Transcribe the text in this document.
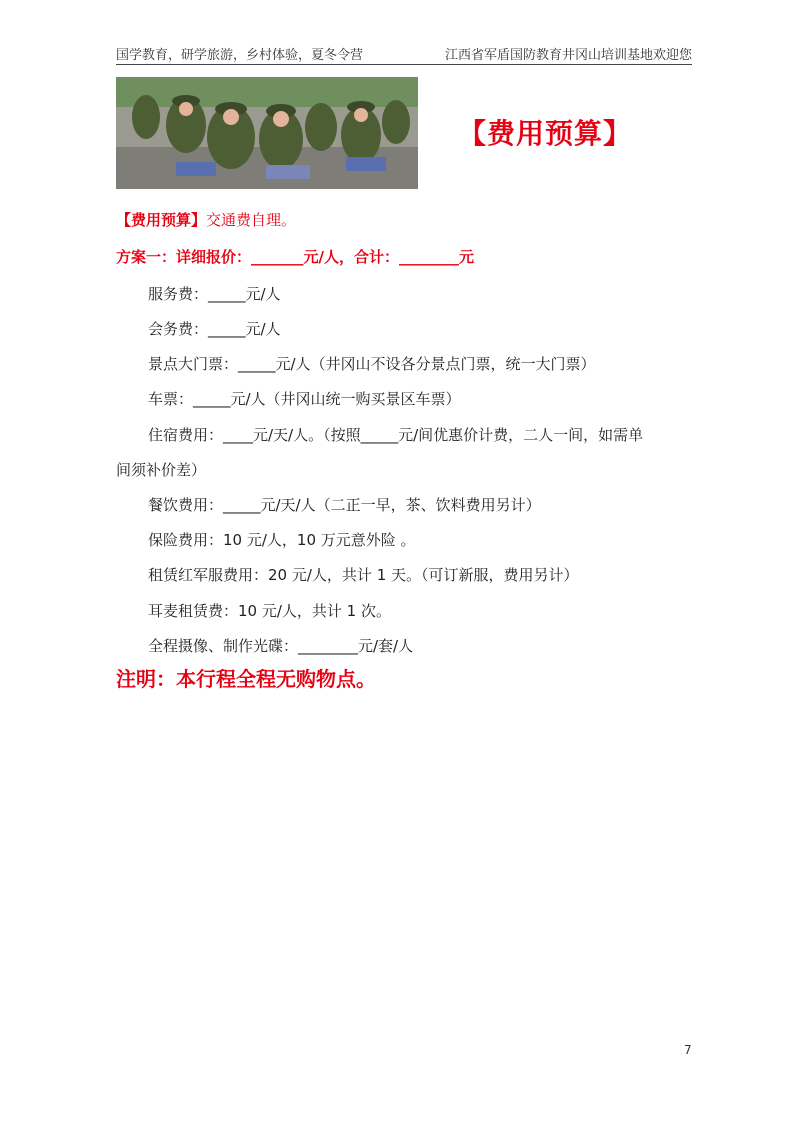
国学教育，研学旅游，乡村体验，夏冬令营	江西省军盾国防教育井冈山培训基地欢迎您
【费用预算】
【费用预算】交通费自理。
方案一：详细报价：_______元/人，合计：________元
服务费：_____元/人
会务费：_____元/人
景点大门票：_____元/人（井冈山不设各分景点门票，统一大门票）
车票：_____元/人（井冈山统一购买景区车票）
住宿费用：____元/天/人。（按照_____元/间优惠价计费，二人一间，如需单
间须补价差）
餐饮费用：_____元/天/人（二正一早，茶、饮料费用另计）
保险费用：10 元/人，10 万元意外险 。
租赁红军服费用：20 元/人，共计 1 天。（可订新服，费用另计）
耳麦租赁费：10 元/人，共计 1 次。
全程摄像、制作光碟：________元/套/人
注明：本行程全程无购物点。
7
